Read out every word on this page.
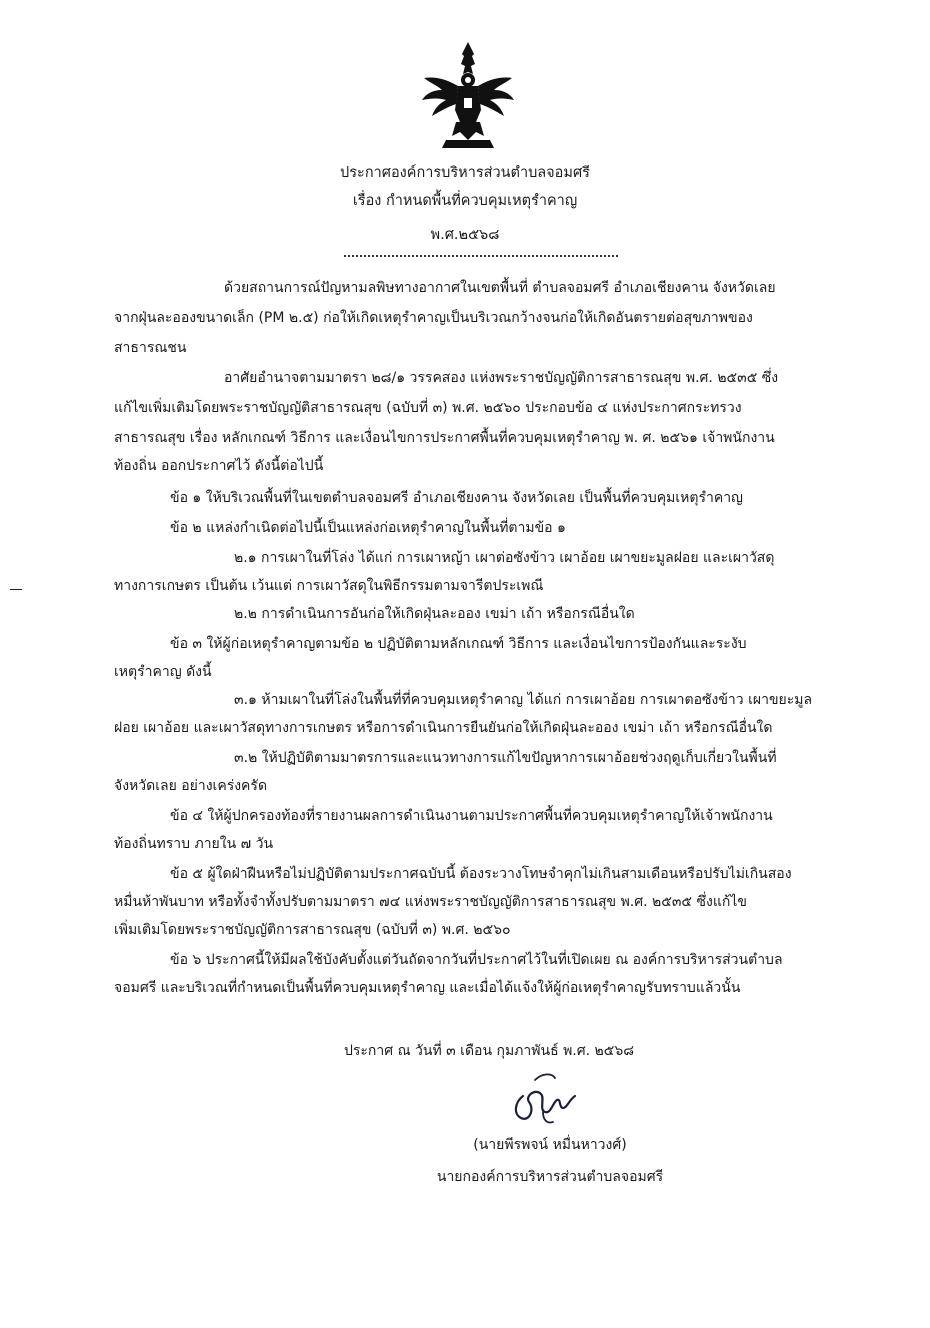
ประกาศองค์การบริหารส่วนตำบลจอมศรี
เรื่อง กำหนดพื้นที่ควบคุมเหตุรำคาญ
พ.ศ.๒๕๖๘
ด้วยสถานการณ์ปัญหามลพิษทางอากาศในเขตพื้นที่ ตำบลจอมศรี อำเภอเชียงคาน จังหวัดเลย
จากฝุ่นละอองขนาดเล็ก (PM ๒.๕) ก่อให้เกิดเหตุรำคาญเป็นบริเวณกว้างจนก่อให้เกิดอันตรายต่อสุขภาพของ
สาธารณชน
อาศัยอำนาจตามมาตรา ๒๘/๑ วรรคสอง แห่งพระราชบัญญัติการสาธารณสุข พ.ศ. ๒๕๓๕ ซึ่ง
แก้ไขเพิ่มเติมโดยพระราชบัญญัติสาธารณสุข (ฉบับที่ ๓) พ.ศ. ๒๕๖๐ ประกอบข้อ ๔ แห่งประกาศกระทรวง
สาธารณสุข เรื่อง หลักเกณฑ์ วิธีการ และเงื่อนไขการประกาศพื้นที่ควบคุมเหตุรำคาญ พ. ศ. ๒๕๖๑ เจ้าพนักงาน
ท้องถิ่น ออกประกาศไว้ ดังนี้ต่อไปนี้
ข้อ ๑ ให้บริเวณพื้นที่ในเขตตำบลจอมศรี อำเภอเชียงคาน จังหวัดเลย เป็นพื้นที่ควบคุมเหตุรำคาญ
ข้อ ๒ แหล่งกำเนิดต่อไปนี้เป็นแหล่งก่อเหตุรำคาญในพื้นที่ตามข้อ ๑
๒.๑ การเผาในที่โล่ง ได้แก่ การเผาหญ้า เผาต่อซังข้าว เผาอ้อย เผาขยะมูลฝอย และเผาวัสดุ
ทางการเกษตร เป็นต้น เว้นแต่ การเผาวัสดุในพิธีกรรมตามจารีตประเพณี
๒.๒ การดำเนินการอันก่อให้เกิดฝุ่นละออง เขม่า เถ้า หรือกรณีอื่นใด
ข้อ ๓ ให้ผู้ก่อเหตุรำคาญตามข้อ ๒ ปฏิบัติตามหลักเกณฑ์ วิธีการ และเงื่อนไขการป้องกันและระงับ
เหตุรำคาญ ดังนี้
๓.๑ ห้ามเผาในที่โล่งในพื้นที่ที่ควบคุมเหตุรำคาญ ได้แก่ การเผาอ้อย การเผาตอซังข้าว เผาขยะมูล
ฝอย เผาอ้อย และเผาวัสดุทางการเกษตร หรือการดำเนินการยืนยันก่อให้เกิดฝุ่นละออง เขม่า เถ้า หรือกรณีอื่นใด
๓.๒ ให้ปฏิบัติตามมาตรการและแนวทางการแก้ไขปัญหาการเผาอ้อยช่วงฤดูเก็บเกี่ยวในพื้นที่
จังหวัดเลย อย่างเคร่งครัด
ข้อ ๔ ให้ผู้ปกครองท้องที่รายงานผลการดำเนินงานตามประกาศพื้นที่ควบคุมเหตุรำคาญให้เจ้าพนักงาน
ท้องถิ่นทราบ ภายใน ๗ วัน
ข้อ ๕ ผู้ใดฝ่าฝืนหรือไม่ปฏิบัติตามประกาศฉบับนี้ ต้องระวางโทษจำคุกไม่เกินสามเดือนหรือปรับไม่เกินสอง
หมื่นห้าพันบาท หรือทั้งจำทั้งปรับตามมาตรา ๗๔ แห่งพระราชบัญญัติการสาธารณสุข พ.ศ. ๒๕๓๕ ซึ่งแก้ไข
เพิ่มเติมโดยพระราชบัญญัติการสาธารณสุข (ฉบับที่ ๓) พ.ศ. ๒๕๖๐
ข้อ ๖ ประกาศนี้ให้มีผลใช้บังคับตั้งแต่วันถัดจากวันที่ประกาศไว้ในที่เปิดเผย ณ องค์การบริหารส่วนตำบล
จอมศรี และบริเวณที่กำหนดเป็นพื้นที่ควบคุมเหตุรำคาญ และเมื่อได้แจ้งให้ผู้ก่อเหตุรำคาญรับทราบแล้วนั้น
ประกาศ ณ วันที่ ๓ เดือน กุมภาพันธ์ พ.ศ. ๒๕๖๘
(นายพีรพจน์ หมื่นหาวงศ์)
นายกองค์การบริหารส่วนตำบลจอมศรี
